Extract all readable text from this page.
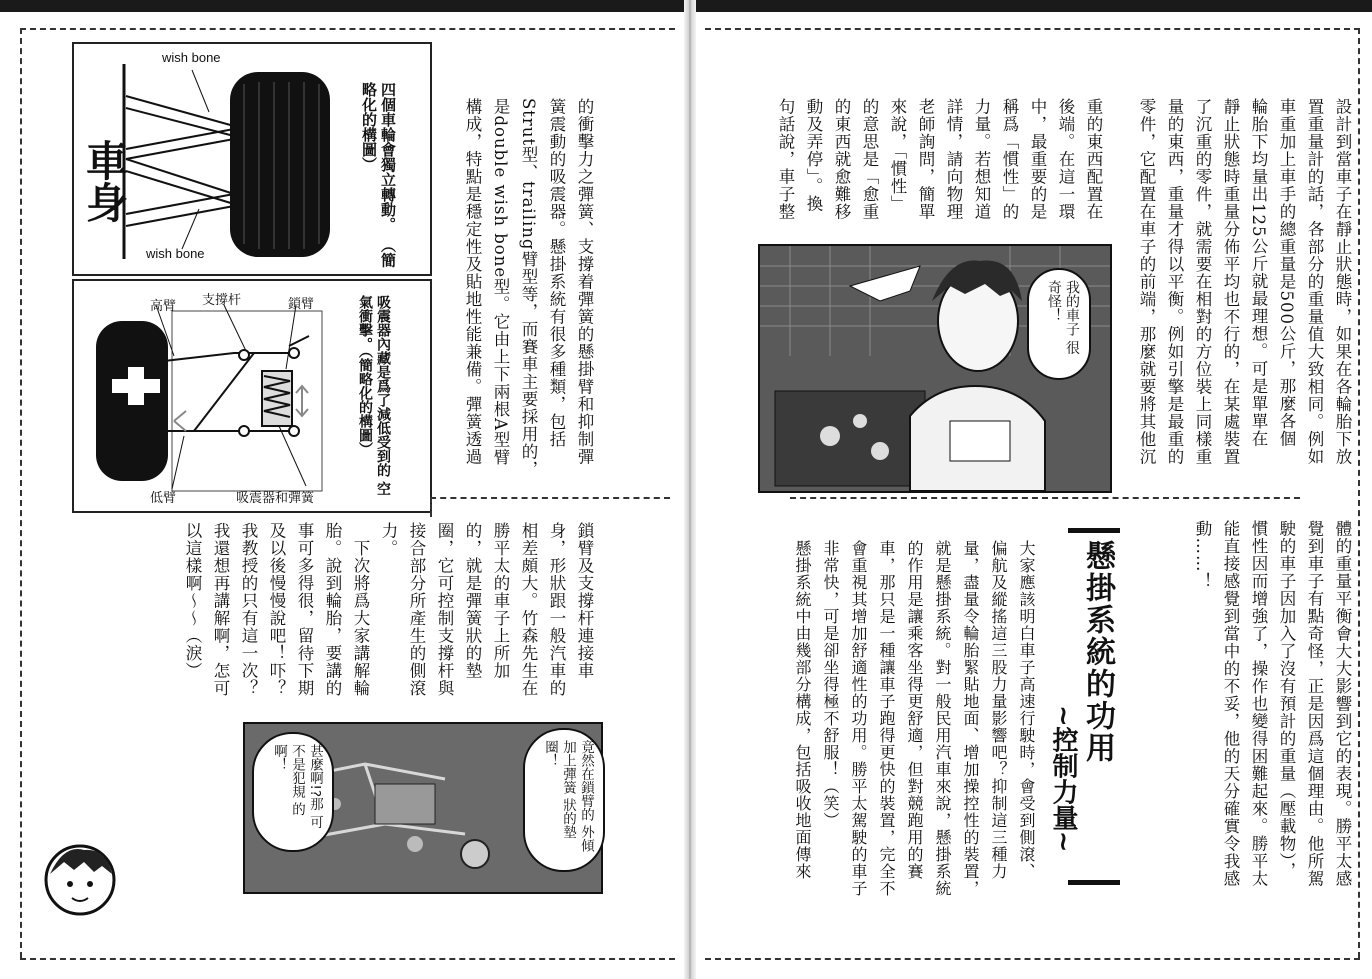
設計到當車子在靜止狀態時，如果在各輪胎下放
置重量計的話，各部分的重量值大致相同。例如
車重加上車手的總重量是500公斤，那麼各個
輪胎下均量出125公斤就最理想。可是單單在
靜止狀態時重量分佈平均也不行的，在某處裝置
了沉重的零件，就需要在相對的方位裝上同樣重
量的東西，重量才得以平衡。例如引擎是最重的
零件，它配置在車子的前端，那麼就要將其他沉
重的東西配置在
後端。在這一環
中，最重要的是
稱爲「慣性」的
力量。若想知道
詳情，請向物理
老師詢問，簡單
來說，「慣性」
的意思是「愈重
的東西就愈難移
動及弄停」。換
句話說，車子整
我的車子 很奇怪！
體的重量平衡會大大影響到它的表現。勝平太感
覺到車子有點奇怪，正是因爲這個理由。他所駕
駛的車子因加入了沒有預計的重量（壓載物），
慣性因而增強了，操作也變得困難起來。勝平太
能直接感覺到當中的不妥，他的天分確實令我感
動……！
懸掛系統的功用
~控制力量~
大家應該明白車子高速行駛時，會受到側滾、
偏航及縱搖這三股力量影響吧？抑制這三種力
量，盡量令輪胎緊貼地面、增加操控性的裝置，
就是懸掛系統。對一般民用汽車來說，懸掛系統
的作用是讓乘客坐得更舒適，但對競跑用的賽
車，那只是一種讓車子跑得更快的裝置，完全不
會重視其增加舒適性的功用。勝平太駕駛的車子
非常快，可是卻坐得極不舒服！（笑）
懸掛系統中由幾部分構成，包括吸收地面傳來
wish bone
wish bone
車身	四個車輪會獨立轉動。 （簡略化的構圖）
高臂 支撐杆	鎖臂
低臂	吸震器和彈簧
吸震器內藏是爲了減低受到的 空氣衝擊。（簡略化的構圖）	的衝擊力之彈簧、支撐着彈簧的懸掛臂和抑制彈
簧震動的吸震器。懸掛系統有很多種類，包括
Strut型、trailing臂型等，而賽車主要採用的，
是double wish bone型。它由上下兩根A型臂
構成，特點是穩定性及貼地性能兼備。彈簧透過
鎖臂及支撐杆連接車
身，形狀跟一般汽車的
相差頗大。竹森先生在
勝平太的車子上所加
的，就是彈簧狀的墊
圈，它可控制支撐杆與
接合部分所產生的側滾
力。
　下次將爲大家講解輪
胎。說到輪胎，要講的
事可多得很，留待下期
及以後慢慢說吧！吓？
我教授的只有這一次？
我還想再講解啊，怎可
以這樣啊～～（淚）
竟然在鎖臂的 外傾加上彈簧 狀的墊圈！
甚麼啊!?那 可不是犯規 的啊！
